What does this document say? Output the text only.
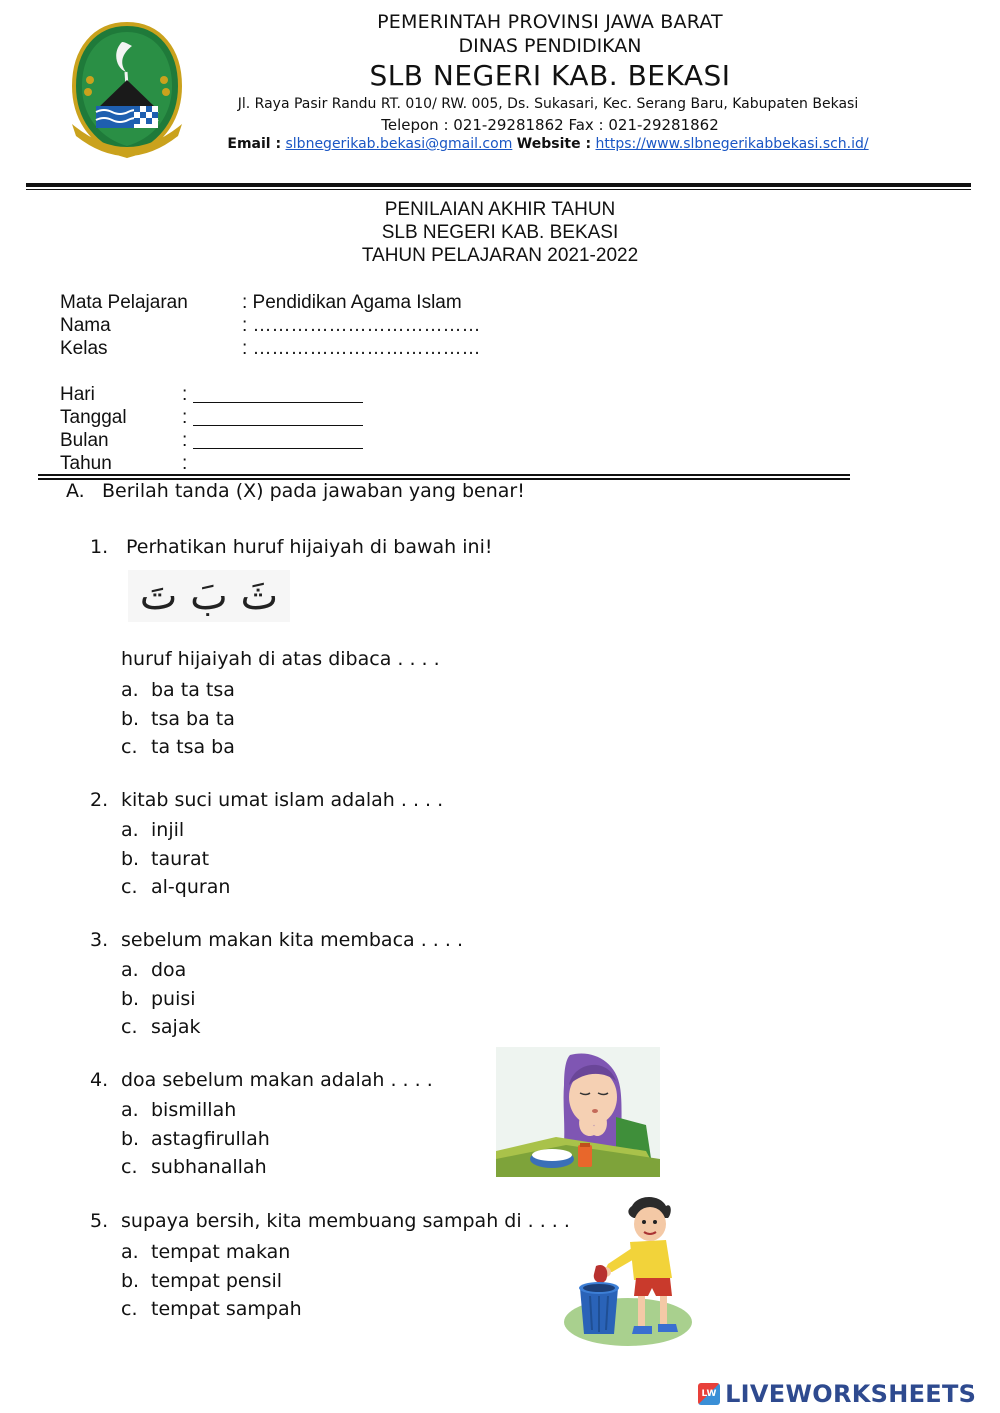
PEMERINTAH PROVINSI JAWA BARAT
DINAS PENDIDIKAN
SLB NEGERI KAB. BEKASI
Jl. Raya Pasir Randu RT. 010/ RW. 005, Ds. Sukasari, Kec. Serang Baru, Kabupaten Bekasi
Telepon : 021-29281862 Fax : 021-29281862
Email : slbnegerikab.bekasi@gmail.com Website : https://www.slbnegerikabbekasi.sch.id/
PENILAIAN AKHIR TAHUN
SLB NEGERI KAB. BEKASI
TAHUN PELAJARAN 2021-2022
Mata Pelajaran	: Pendidikan Agama Islam
Nama	: ………………………………
Kelas	: ………………………………
Hari	:
Tanggal	:
Bulan	:
Tahun	:
A. Berilah tanda (X) pada jawaban yang benar!
1. Perhatikan huruf hijaiyah di bawah ini!
ثَ بَ تَ
huruf hijaiyah di atas dibaca . . . .
a. ba ta tsa
b. tsa ba ta
c. ta tsa ba
2. kitab suci umat islam adalah . . . .
a. injil
b. taurat
c. al-quran
3. sebelum makan kita membaca . . . .
a. doa
b. puisi
c. sajak
4. doa sebelum makan adalah . . . .
a. bismillah
b. astagfirullah
c. subhanallah
5. supaya bersih, kita membuang sampah di . . . .
a. tempat makan
b. tempat pensil
c. tempat sampah
LW LIVEWORKSHEETS
